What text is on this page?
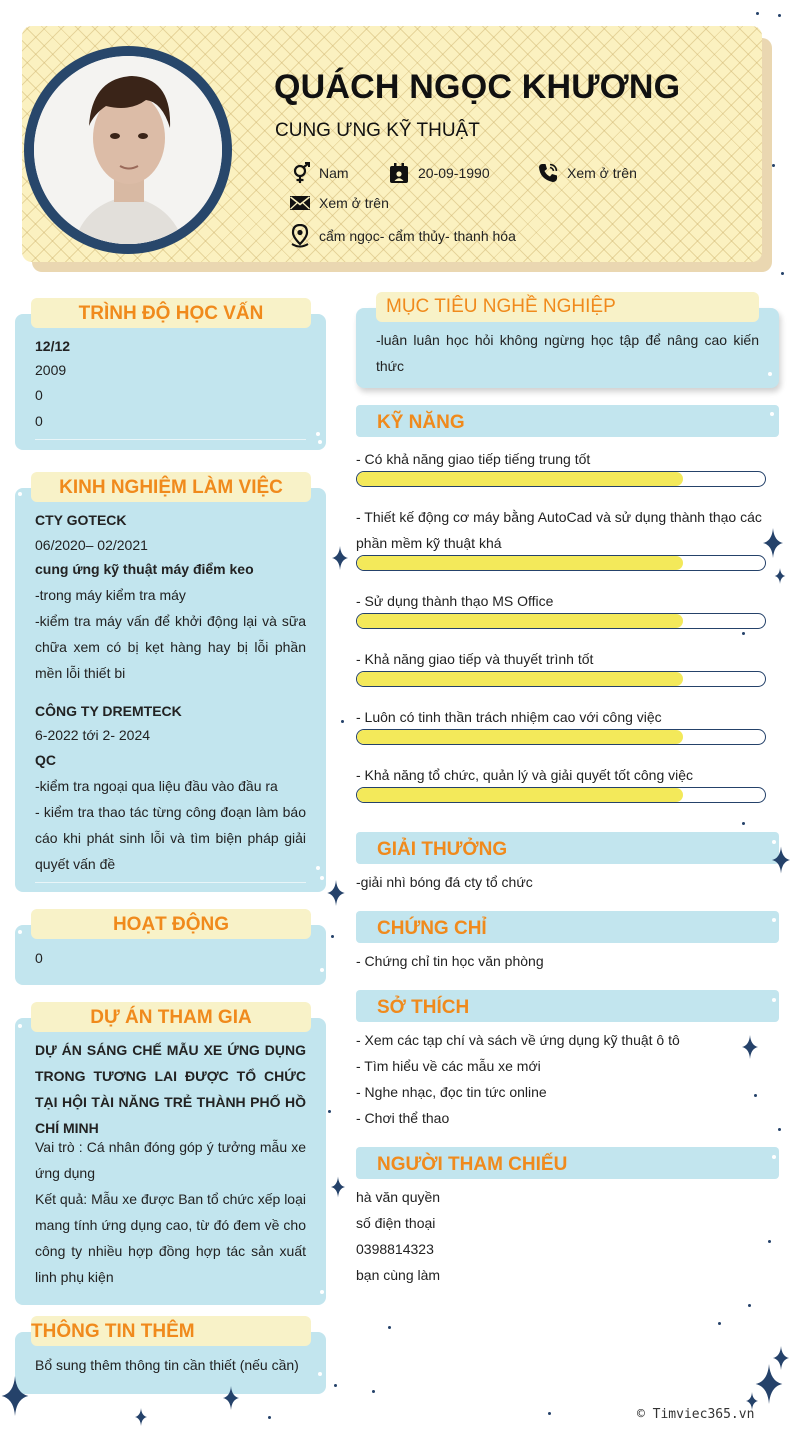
QUÁCH NGỌC KHƯƠNG
CUNG ƯNG KỸ THUẬT
Nam	20-09-1990	Xem ở trên
Xem ở trên
cẩm ngọc- cẩm thủy- thanh hóa
TRÌNH ĐỘ HỌC VẤN
12/12
2009
0
0
KINH NGHIỆM LÀM VIỆC
CTY GOTECK
06/2020– 02/2021
cung ứng kỹ thuật máy điểm keo
-trong máy kiểm tra máy
-kiểm tra máy vấn để khởi động lại và sữa chữa xem có bị kẹt hàng hay bị lỗi phần mền lỗi thiết bi
CÔNG TY DREMTECK
6-2022 tới 2- 2024
QC
-kiểm tra ngoại qua liệu đầu vào đầu ra
- kiểm tra thao tác từng công đoạn làm báo cáo khi phát sinh lỗi và tìm biện pháp giải quyết vấn đề
HOẠT ĐỘNG
0
DỰ ÁN THAM GIA
DỰ ÁN SÁNG CHẾ MẪU XE ỨNG DỤNG TRONG TƯƠNG LAI ĐƯỢC TỔ CHỨC TẠI HỘI TÀI NĂNG TRẺ THÀNH PHỐ HỒ CHÍ MINH
Vai trò : Cá nhân đóng góp ý tưởng mẫu xe ứng dụng
Kết quả: Mẫu xe được Ban tổ chức xếp loại mang tính ứng dụng cao, từ đó đem về cho công ty nhiều hợp đồng hợp tác sản xuất linh phụ kiện
THÔNG TIN THÊM
Bổ sung thêm thông tin cần thiết (nếu cần)
MỤC TIÊU NGHỀ NGHIỆP
-luân luân học hỏi không ngừng học tập để nâng cao kiến thức
KỸ NĂNG
- Có khả năng giao tiếp tiếng trung tốt
- Thiết kế động cơ máy bằng AutoCad và sử dụng thành thạo các phần mềm kỹ thuật khá
- Sử dụng thành thạo MS Office
- Khả năng giao tiếp và thuyết trình tốt
- Luôn có tinh thần trách nhiệm cao với công việc
- Khả năng tổ chức, quản lý và giải quyết tốt công việc
GIẢI THƯỞNG
-giải nhì bóng đá cty tổ chức
CHỨNG CHỈ
- Chứng chỉ tin học văn phòng
SỞ THÍCH
- Xem các tạp chí và sách về ứng dụng kỹ thuật ô tô
- Tìm hiểu về các mẫu xe mới
- Nghe nhạc, đọc tin tức online
- Chơi thể thao
NGƯỜI THAM CHIẾU
hà văn quyền
số điện thoại
0398814323
bạn cùng làm
© Timviec365.vn
